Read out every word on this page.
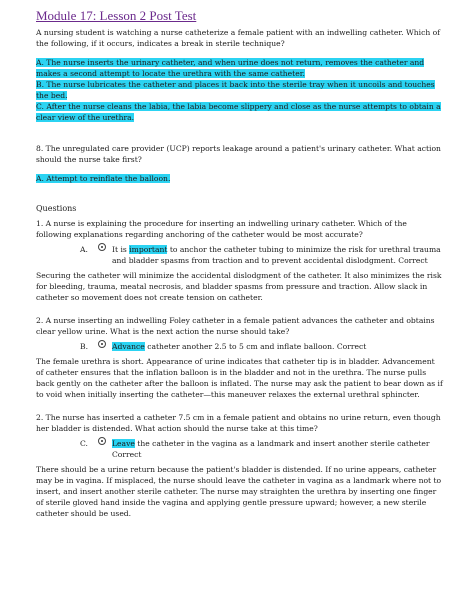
Module 17: Lesson 2 Post Test

A nursing student is watching a nurse catheterize a female patient with an indwelling catheter. Which of the following, if it occurs, indicates a break in sterile technique?

A. The nurse inserts the urinary catheter, and when urine does not return, removes the catheter and makes a second attempt to locate the urethra with the same catheter.

B. The nurse lubricates the catheter and places it back into the sterile tray when it uncoils and touches the bed.

C. After the nurse cleans the labia, the labia become slippery and close as the nurse attempts to obtain a clear view of the urethra.

8. The unregulated care provider (UCP) reports leakage around a patient's urinary catheter. What action should the nurse take first?

A. Attempt to reinflate the balloon.

Questions

1. A nurse is explaining the procedure for inserting an indwelling urinary catheter. Which of the following explanations regarding anchoring of the catheter would be most accurate?

A.	It is important to anchor the catheter tubing to minimize the risk for urethral trauma and bladder spasms from traction and to prevent accidental dislodgment. Correct

Securing the catheter will minimize the accidental dislodgment of the catheter. It also minimizes the risk for bleeding, trauma, meatal necrosis, and bladder spasms from pressure and traction. Allow slack in catheter so movement does not create tension on catheter.

2. A nurse inserting an indwelling Foley catheter in a female patient advances the catheter and obtains clear yellow urine. What is the next action the nurse should take?

B.	Advance catheter another 2.5 to 5 cm and inflate balloon. Correct

The female urethra is short. Appearance of urine indicates that catheter tip is in bladder. Advancement of catheter ensures that the inflation balloon is in the bladder and not in the urethra. The nurse pulls back gently on the catheter after the balloon is inflated. The nurse may ask the patient to bear down as if to void when initially inserting the catheter—this maneuver relaxes the external urethral sphincter.

2. The nurse has inserted a catheter 7.5 cm in a female patient and obtains no urine return, even though her bladder is distended. What action should the nurse take at this time?

C.	Leave the catheter in the vagina as a landmark and insert another sterile catheter Correct

There should be a urine return because the patient's bladder is distended. If no urine appears, catheter may be in vagina. If misplaced, the nurse should leave the catheter in vagina as a landmark where not to insert, and insert another sterile catheter. The nurse may straighten the urethra by inserting one finger of sterile gloved hand inside the vagina and applying gentle pressure upward; however, a new sterile catheter should be used.
